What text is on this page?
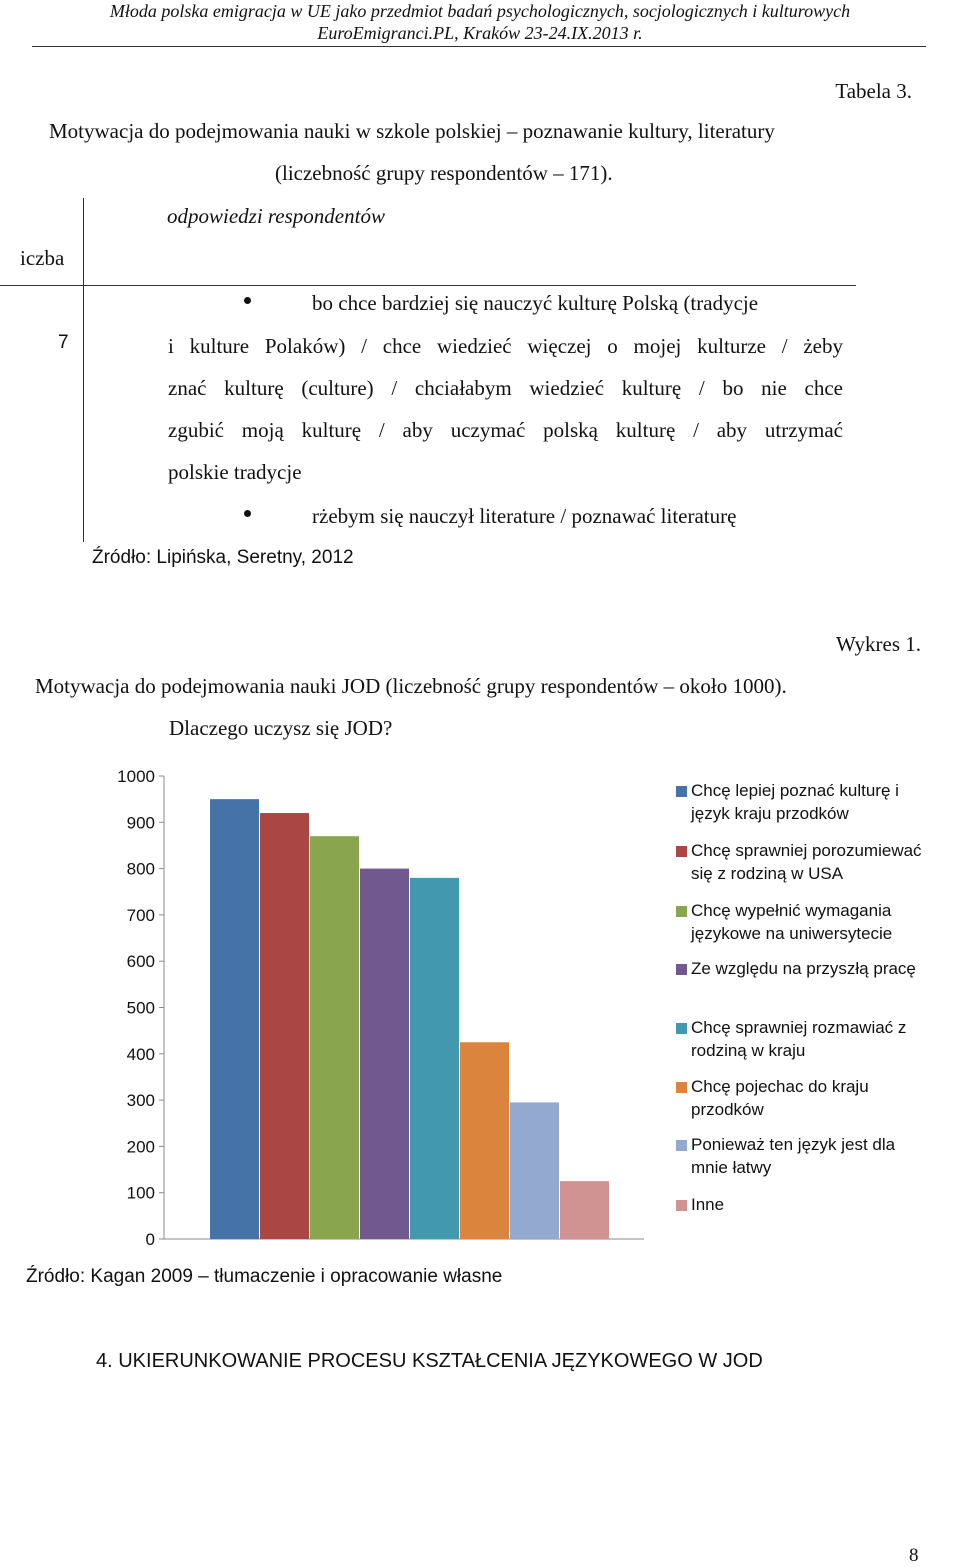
Młoda polska emigracja w UE jako przedmiot badań psychologicznych, socjologicznych i kulturowych
EuroEmigranci.PL, Kraków 23-24.IX.2013 r.
Tabela 3.
Motywacja do podejmowania nauki w szkole polskiej – poznawanie kultury, literatury
(liczebność grupy respondentów – 171).
odpowiedzi respondentów
iczba
7
bo chce bardziej się nauczyć kulturę Polską (tradycje
i kulture Polaków) / chce wiedzieć więczej o mojej kulturze / żeby
znać kulturę (culture) / chciałabym wiedzieć kulturę / bo nie chce
zgubić moją kulturę / aby uczymać polską kulturę / aby utrzymać
polskie tradycje
rżebym się nauczył literature / poznawać literaturę
Źródło: Lipińska, Seretny, 2012
Wykres 1.
Motywacja do podejmowania nauki JOD (liczebność grupy respondentów – około 1000).
Dlaczego uczysz się JOD?
0
100
200
300
400
500
600
700
800
900
1000
Chcę lepiej poznać kulturę i
język kraju przodków
Chcę sprawniej porozumiewać
się z rodziną w USA
Chcę wypełnić wymagania
językowe na uniwersytecie
Ze względu na przyszłą pracę
Chcę sprawniej rozmawiać z
rodziną w kraju
Chcę pojechac do kraju
przodków
Ponieważ ten język jest dla
mnie łatwy
Inne
Źródło: Kagan 2009 – tłumaczenie i opracowanie własne
4. UKIERUNKOWANIE PROCESU KSZTAŁCENIA JĘZYKOWEGO W JOD
8
